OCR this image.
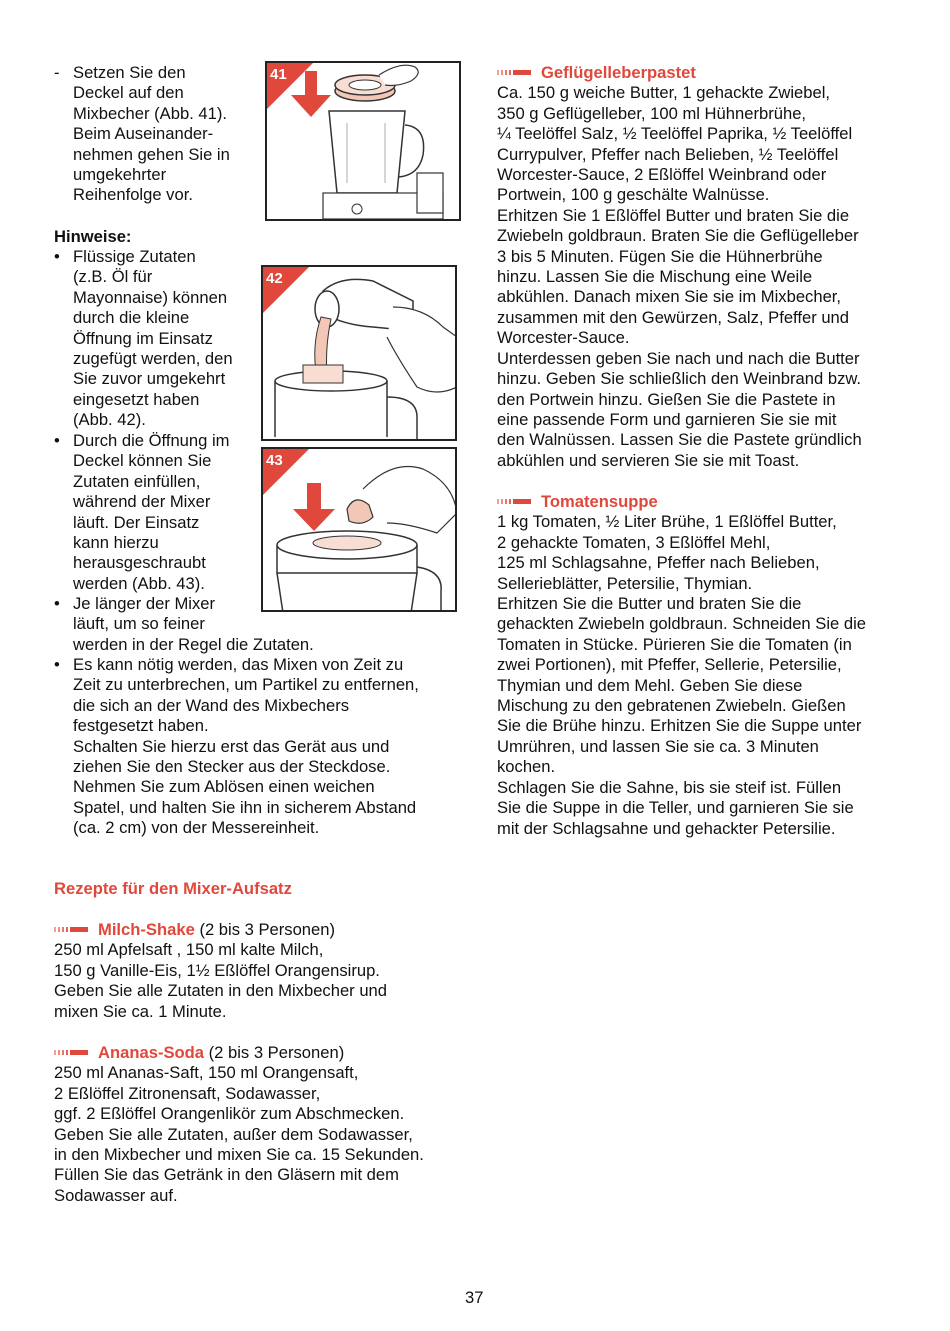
- Setzen Sie den
Deckel auf den
Mixbecher (Abb. 41).
Beim Auseinander-
nehmen gehen Sie in
umgekehrter
Reihenfolge vor.
Hinweise:
• Flüssige Zutaten
(z.B. Öl für
Mayonnaise) können
durch die kleine
Öffnung im Einsatz
zugefügt werden, den
Sie zuvor umgekehrt
eingesetzt haben
(Abb. 42).
• Durch die Öffnung im
Deckel können Sie
Zutaten einfüllen,
während der Mixer
läuft. Der Einsatz
kann hierzu
herausgeschraubt
werden (Abb. 43).
• Je länger der Mixer
läuft, um so feiner
werden in der Regel die Zutaten.
• Es kann nötig werden, das Mixen von Zeit zu
Zeit zu unterbrechen, um Partikel zu entfernen,
die sich an der Wand des Mixbechers
festgesetzt haben.
Schalten Sie hierzu erst das Gerät aus und
ziehen Sie den Stecker aus der Steckdose.
Nehmen Sie zum Ablösen einen weichen
Spatel, und halten Sie ihn in sicherem Abstand
(ca. 2 cm) von der Messereinheit.
41
42
43
Rezepte für den Mixer-Aufsatz
Milch-Shake (2 bis 3 Personen)
250 ml Apfelsaft , 150 ml kalte Milch,
150 g Vanille-Eis, 1½ Eßlöffel Orangensirup.
Geben Sie alle Zutaten in den Mixbecher und
mixen Sie ca. 1 Minute.
Ananas-Soda (2 bis 3 Personen)
250 ml Ananas-Saft, 150 ml Orangensaft,
2 Eßlöffel Zitronensaft, Sodawasser,
ggf. 2 Eßlöffel Orangenlikör zum Abschmecken.
Geben Sie alle Zutaten, außer dem Sodawasser,
in den Mixbecher und mixen Sie ca. 15 Sekunden.
Füllen Sie das Getränk in den Gläsern mit dem
Sodawasser auf.
Geflügelleberpastet
Ca. 150 g weiche Butter, 1 gehackte Zwiebel,
350 g Geflügelleber, 100 ml Hühnerbrühe,
¼ Teelöffel Salz, ½ Teelöffel Paprika, ½ Teelöffel
Currypulver, Pfeffer nach Belieben, ½ Teelöffel
Worcester-Sauce, 2 Eßlöffel Weinbrand oder
Portwein, 100 g geschälte Walnüsse.
Erhitzen Sie 1 Eßlöffel Butter und braten Sie die
Zwiebeln goldbraun. Braten Sie die Geflügelleber
3 bis 5 Minuten. Fügen Sie die Hühnerbrühe
hinzu. Lassen Sie die Mischung eine Weile
abkühlen. Danach mixen Sie sie im Mixbecher,
zusammen mit den Gewürzen, Salz, Pfeffer und
Worcester-Sauce.
Unterdessen geben Sie nach und nach die Butter
hinzu. Geben Sie schließlich den Weinbrand bzw.
den Portwein hinzu. Gießen Sie die Pastete in
eine passende Form und garnieren Sie sie mit
den Walnüssen. Lassen Sie die Pastete gründlich
abkühlen und servieren Sie sie mit Toast.
Tomatensuppe
1 kg Tomaten, ½ Liter Brühe, 1 Eßlöffel Butter,
2 gehackte Tomaten, 3 Eßlöffel Mehl,
125 ml Schlagsahne, Pfeffer nach Belieben,
Sellerieblätter, Petersilie, Thymian.
Erhitzen Sie die Butter und braten Sie die
gehackten Zwiebeln goldbraun. Schneiden Sie die
Tomaten in Stücke. Pürieren Sie die Tomaten (in
zwei Portionen), mit Pfeffer, Sellerie, Petersilie,
Thymian und dem Mehl. Geben Sie diese
Mischung zu den gebratenen Zwiebeln. Gießen
Sie die Brühe hinzu. Erhitzen Sie die Suppe unter
Umrühren, und lassen Sie sie ca. 3 Minuten
kochen.
Schlagen Sie die Sahne, bis sie steif ist. Füllen
Sie die Suppe in die Teller, und garnieren Sie sie
mit der Schlagsahne und gehackter Petersilie.
37
